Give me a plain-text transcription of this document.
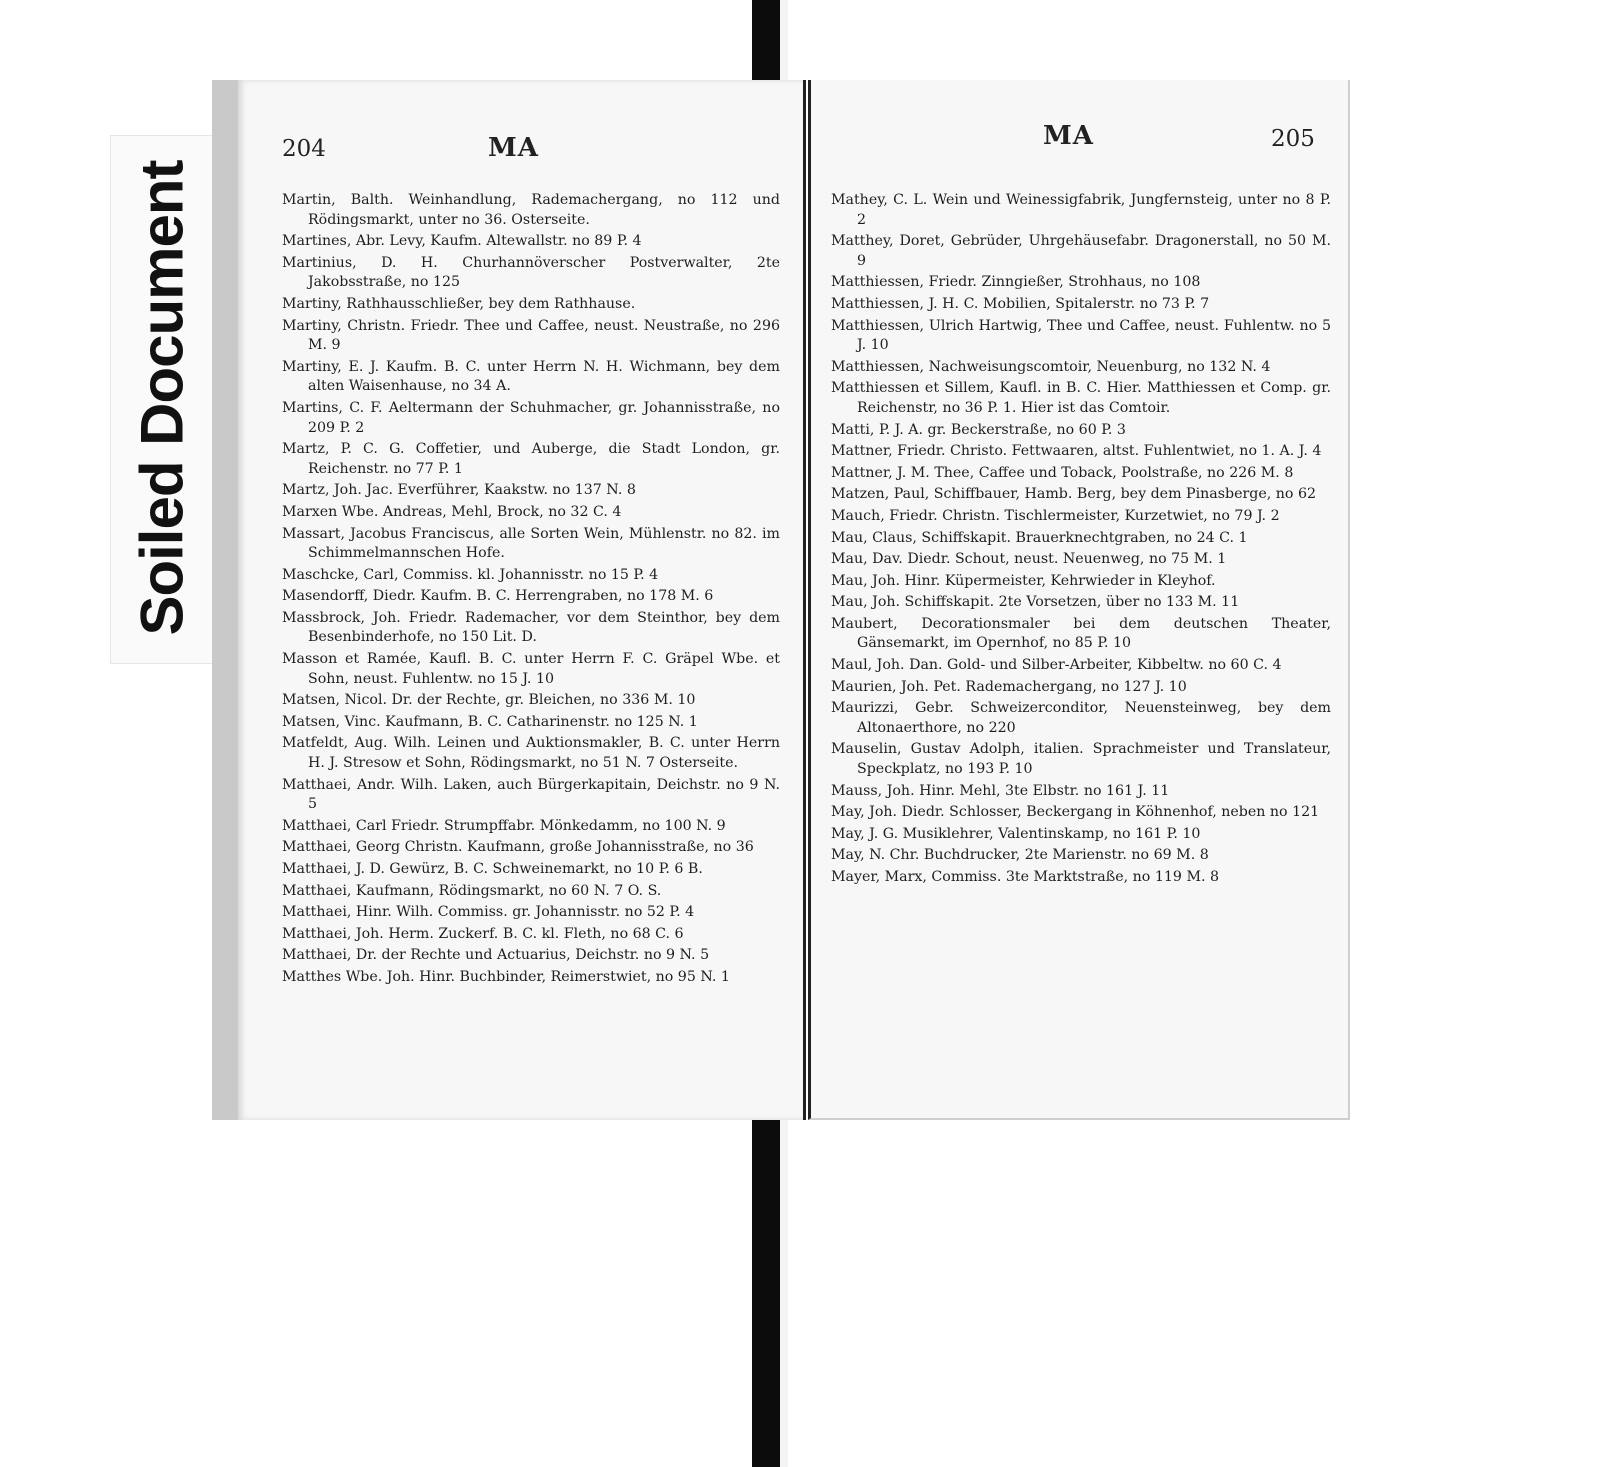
Soiled Document
204	MA
Martin, Balth. Weinhandlung, Rademachergang, no 112 und Rödingsmarkt, unter no 36. Osterseite.
Martines, Abr. Levy, Kaufm. Altewallstr. no 89 P. 4
Martinius, D. H. Churhannöverscher Postverwalter, 2te Jakobsstraße, no 125
Martiny, Rathhausschließer, bey dem Rathhause.
Martiny, Christn. Friedr. Thee und Caffee, neust. Neustraße, no 296 M. 9
Martiny, E. J. Kaufm. B. C. unter Herrn N. H. Wichmann, bey dem alten Waisenhause, no 34 A.
Martins, C. F. Aeltermann der Schuhmacher, gr. Johannisstraße, no 209 P. 2
Martz, P. C. G. Coffetier, und Auberge, die Stadt London, gr. Reichenstr. no 77 P. 1
Martz, Joh. Jac. Everführer, Kaakstw. no 137 N. 8
Marxen Wbe. Andreas, Mehl, Brock, no 32 C. 4
Massart, Jacobus Franciscus, alle Sorten Wein, Mühlenstr. no 82. im Schimmelmannschen Hofe.
Maschcke, Carl, Commiss. kl. Johannisstr. no 15 P. 4
Masendorff, Diedr. Kaufm. B. C. Herrengraben, no 178 M. 6
Massbrock, Joh. Friedr. Rademacher, vor dem Steinthor, bey dem Besenbinderhofe, no 150 Lit. D.
Masson et Ramée, Kaufl. B. C. unter Herrn F. C. Gräpel Wbe. et Sohn, neust. Fuhlentw. no 15 J. 10
Matsen, Nicol. Dr. der Rechte, gr. Bleichen, no 336 M. 10
Matsen, Vinc. Kaufmann, B. C. Catharinenstr. no 125 N. 1
Matfeldt, Aug. Wilh. Leinen und Auktionsmakler, B. C. unter Herrn H. J. Stresow et Sohn, Rödingsmarkt, no 51 N. 7 Osterseite.
Matthaei, Andr. Wilh. Laken, auch Bürgerkapitain, Deichstr. no 9 N. 5
Matthaei, Carl Friedr. Strumpffabr. Mönkedamm, no 100 N. 9
Matthaei, Georg Christn. Kaufmann, große Johannisstraße, no 36
Matthaei, J. D. Gewürz, B. C. Schweinemarkt, no 10 P. 6 B.
Matthaei, Kaufmann, Rödingsmarkt, no 60 N. 7 O. S.
Matthaei, Hinr. Wilh. Commiss. gr. Johannisstr. no 52 P. 4
Matthaei, Joh. Herm. Zuckerf. B. C. kl. Fleth, no 68 C. 6
Matthaei, Dr. der Rechte und Actuarius, Deichstr. no 9 N. 5
Matthes Wbe. Joh. Hinr. Buchbinder, Reimerstwiet, no 95 N. 1
MA	205
Mathey, C. L. Wein und Weinessigfabrik, Jungfernsteig, unter no 8 P. 2
Matthey, Doret, Gebrüder, Uhrgehäusefabr. Dragonerstall, no 50 M. 9
Matthiessen, Friedr. Zinngießer, Strohhaus, no 108
Matthiessen, J. H. C. Mobilien, Spitalerstr. no 73 P. 7
Matthiessen, Ulrich Hartwig, Thee und Caffee, neust. Fuhlentw. no 5 J. 10
Matthiessen, Nachweisungscomtoir, Neuenburg, no 132 N. 4
Matthiessen et Sillem, Kaufl. in B. C. Hier. Matthiessen et Comp. gr. Reichenstr, no 36 P. 1. Hier ist das Comtoir.
Matti, P. J. A. gr. Beckerstraße, no 60 P. 3
Mattner, Friedr. Christo. Fettwaaren, altst. Fuhlentwiet, no 1. A. J. 4
Mattner, J. M. Thee, Caffee und Toback, Poolstraße, no 226 M. 8
Matzen, Paul, Schiffbauer, Hamb. Berg, bey dem Pinasberge, no 62
Mauch, Friedr. Christn. Tischlermeister, Kurzetwiet, no 79 J. 2
Mau, Claus, Schiffskapit. Brauerknechtgraben, no 24 C. 1
Mau, Dav. Diedr. Schout, neust. Neuenweg, no 75 M. 1
Mau, Joh. Hinr. Küpermeister, Kehrwieder in Kleyhof.
Mau, Joh. Schiffskapit. 2te Vorsetzen, über no 133 M. 11
Maubert, Decorationsmaler bei dem deutschen Theater, Gänsemarkt, im Opernhof, no 85 P. 10
Maul, Joh. Dan. Gold- und Silber-Arbeiter, Kibbeltw. no 60 C. 4
Maurien, Joh. Pet. Rademachergang, no 127 J. 10
Maurizzi, Gebr. Schweizerconditor, Neuensteinweg, bey dem Altonaerthore, no 220
Mauselin, Gustav Adolph, italien. Sprachmeister und Translateur, Speckplatz, no 193 P. 10
Mauss, Joh. Hinr. Mehl, 3te Elbstr. no 161 J. 11
May, Joh. Diedr. Schlosser, Beckergang in Köhnenhof, neben no 121
May, J. G. Musiklehrer, Valentinskamp, no 161 P. 10
May, N. Chr. Buchdrucker, 2te Marienstr. no 69 M. 8
Mayer, Marx, Commiss. 3te Marktstraße, no 119 M. 8
